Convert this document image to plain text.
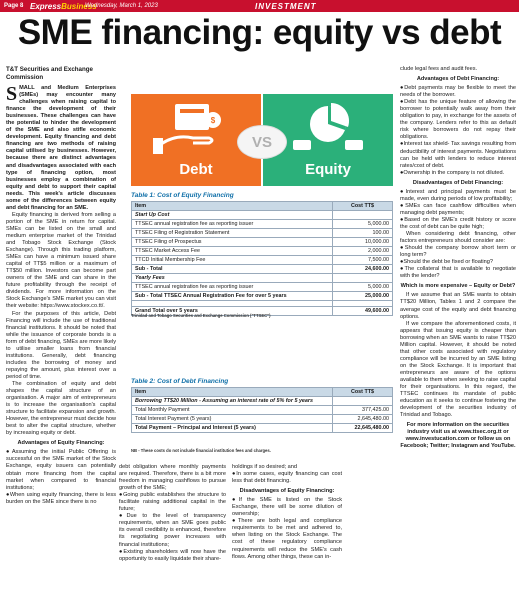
Page 8 ExpressBusiness
Wednesday, March 1, 2023	INVESTMENT
SME financing: equity vs debt
T&T Securities and Exchange Commission

SMALL and Medium Enterprises (SMEs) may encounter many challenges when raising capital to finance the development of their businesses. These challenges can have the potential to hinder the development of the SME and also stifle economic development. Equity financing and debt financing are two methods of raising capital utilised by businesses. However, because there are distinct advantages and disadvantages associated with each type of financing option, most businesses employ a combination of equity and debt to support their capital needs. This week's article discusses some of the differences between equity and debt financing for an SME.

Equity financing is derived from selling a portion of the SME in return for capital. SMEs can be listed on the small and medium enterprise market of the Trinidad and Tobago Stock Exchange (Stock Exchange). Through this trading platform, SMEs can have a minimum issued share capital of TT$5 million or a maximum of TT$50 million. Investors can become part owners of the SME and can share in the future profitability through the receipt of dividends. For more information on the Stock Exchange's SME market you can visit their website: https://www.stockex.co.tt/.

For the purposes of this article, Debt Financing will include the use of traditional financial institutions. It should be noted that while the issuance of corporate bonds is a form of debt financing, SMEs are more likely to utilise smaller loans from financial institutions. Generally, debt financing includes the borrowing of money and repaying the amount, plus interest over a period of time.

The combination of equity and debt shapes the capital structure of an organisation. A major aim of entrepreneurs is to increase the organisation's capital structure to facilitate expansion and growth. However, the entrepreneur must decide how best to alter the capital structure, whether by increasing equity or debt.

Advantages of Equity Financing:

●Assuming the initial Public Offering is successful on the SME market of the Stock Exchange, equity issuers can potentially obtain more financing from the capital market when compared to financial institutions;

●When using equity financing, there is less burden on the SME since there is no

$
Debt	Equity
VS
Table 1: Cost of Equity Financing
Item	Cost TT$
Start Up Cost	
TTSEC annual registration fee as reporting issuer	5,000.00
TTSEC Filing of Registration Statement	100.00
TTSEC Filing of Prospectus	10,000.00
TTSEC Market Access Fee	2,000.00
TTCD Initial Membership Fee	7,500.00
Sub - Total	24,600.00
Yearly Fees	
TTSEC annual registration fee as reporting issuer	5,000.00
Sub - Total TTSEC Annual Registration Fee for over 5 years	25,000.00

Grand Total over 5 years	49,600.00
Trinidad and Tobago Securities and Exchange Commission ("TTSEC")
Table 2: Cost of Debt Financing
Item	Cost TT$
Borrowing TT$20 Million - Assuming an interest rate of 5% for 5 years	
Total Monthly Payment	377,425.00
Total Interest Payment (5 years)	2,645,480.00
Total Payment – Principal and Interest (5 years)	22,645,480.00
NB - These costs do not include financial institution fees and charges.

debt obligation where monthly payments are required. Therefore, there is a bit more freedom in managing cashflows to pursue growth of the SME;

●Going public establishes the structure to facilitate raising additional capital in the future;

●Due to the level of transparency requirements, when an SME goes public its overall credibility is enhanced, therefore its negotiating power increases with financial institutions;

●Existing shareholders will now have the opportunity to easily liquidate their share-

holdings if so desired; and

●In some cases, equity financing can cost less that debt financing.

Disadvantages of Equity Financing:

●If the SME is listed on the Stock Exchange, there will be some dilution of ownership;

●There are both legal and compliance requirements to be met and adhered to, when listing on the Stock Exchange. The cost of these regulatory compliance requirements will reduce the SME's cash flows. Among other things, these can in-

clude legal fees and audit fees.

Advantages of Debt Financing:

●Debt payments may be flexible to meet the needs of the borrower.

●Debt has the unique feature of allowing the borrower to potentially walk away from their obligation to pay, in exchange for the assets of the company. Lenders refer to this as default risk where borrowers do not repay their obligations.

●Interest tax shield- Tax savings resulting from deductibility of interest payments. Negotiations can be held with lenders to reduce interest rates/cost of debt.

●Ownership in the company is not diluted.

Disadvantages of Debt Financing:

●Interest and principal payments must be made, even during periods of low profitability;

●SMEs can face cashflow difficulties when managing debt payments;

●Based on the SME's credit history or score the cost of debt can be quite high;

When considering debt financing, other factors entrepreneurs should consider are:

●Should the company borrow short term or long term?

●Should the debt be fixed or floating?

●The collateral that is available to negotiate with the lender?

Which is more expensive – Equity or Debt?

If we assume that an SME wants to obtain TT$20 Million, Tables 1 and 2 compare the average cost of the equity and debt financing options.

If we compare the aforementioned costs, it appears that issuing equity is cheaper than borrowing when an SME wants to raise TT$20 Million capital. However, it should be noted that other costs associated with regulatory compliance will be incurred by an SME listing on the Stock Exchange. It is important that entrepreneurs are aware of the options available to them when seeking to raise capital for their organisations. In this regard, the TTSEC continues its mandate of public education as it seeks to continue fostering the development of the securities industry of Trinidad and Tobago.

For more information on the securities industry visit us at www.ttsec.org.tt or www.investucation.com or follow us on Facebook; Twitter; Instagram and YouTube.
